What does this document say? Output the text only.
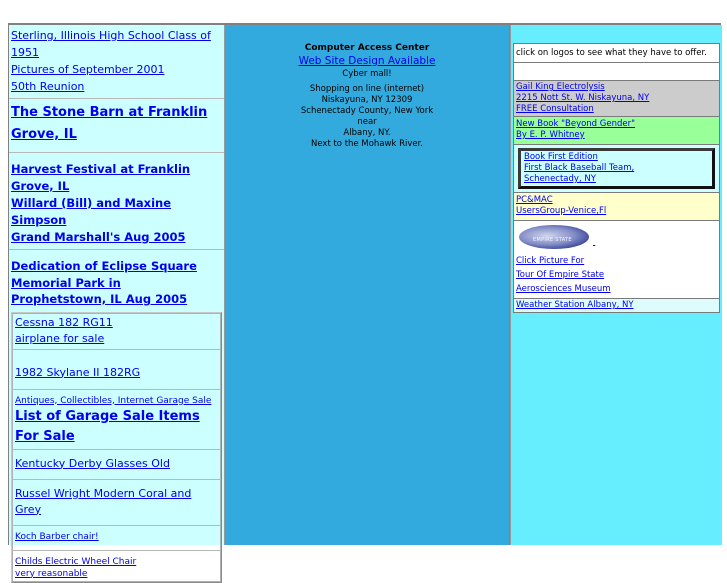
Sterling, Illinois High School Class of 1951
Pictures of September 2001
50th Reunion
The Stone Barn at Franklin Grove, IL
Harvest Festival at Franklin Grove, IL
Willard (Bill) and Maxine Simpson
Grand Marshall's Aug 2005
Dedication of Eclipse Square
Memorial Park in
Prophetstown, IL Aug 2005
Cessna 182 RG11
airplane for sale
1982 Skylane II 182RG
Antiques, Collectibles, Internet Garage Sale
List of Garage Sale Items
For Sale
Kentucky Derby Glasses Old
Russel Wright Modern Coral and Grey
Koch Barber chair!
Childs Electric Wheel Chair
very reasonable
Computer Access Center
Web Site Design Available
Cyber mall!
Shopping on line (internet)
Niskayuna, NY 12309
Schenectady County, New York
near
Albany, NY.
Next to the Mohawk River.
click on logos to see what they have to offer.
Gail King Electrolysis
2215 Nott St. W. Niskayuna, NY
FREE Consultation
New Book "Beyond Gender"
By E. P. Whitney
Book First Edition
First Black Baseball Team,
Schenectady, NY
PC&MAC
UsersGroup-Venice,Fl
EMPIRE STATE

Click Picture For
Tour Of Empire State
Aerosciences Museum
Weather Station Albany, NY
